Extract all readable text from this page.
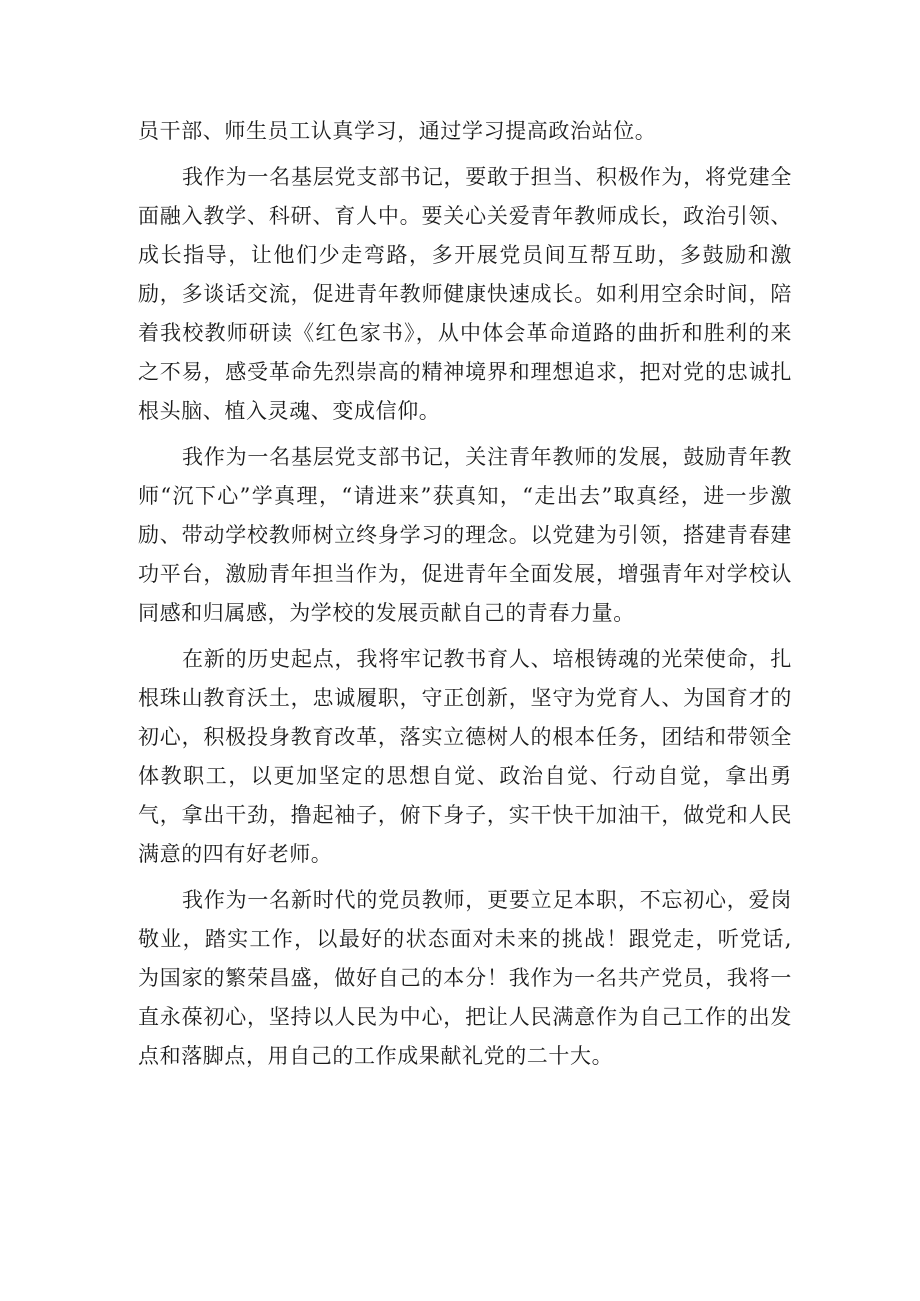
员干部、师生员工认真学习，通过学习提高政治站位。

我作为一名基层党支部书记，要敢于担当、积极作为，将党建全面融入教学、科研、育人中。要关心关爱青年教师成长，政治引领、成长指导，让他们少走弯路，多开展党员间互帮互助，多鼓励和激励，多谈话交流，促进青年教师健康快速成长。如利用空余时间，陪着我校教师研读《红色家书》，从中体会革命道路的曲折和胜利的来之不易，感受革命先烈崇高的精神境界和理想追求，把对党的忠诚扎根头脑、植入灵魂、变成信仰。

我作为一名基层党支部书记，关注青年教师的发展，鼓励青年教师“沉下心”学真理，“请进来”获真知，“走出去”取真经，进一步激励、带动学校教师树立终身学习的理念。以党建为引领，搭建青春建功平台，激励青年担当作为，促进青年全面发展，增强青年对学校认同感和归属感，为学校的发展贡献自己的青春力量。

在新的历史起点，我将牢记教书育人、培根铸魂的光荣使命，扎根珠山教育沃土，忠诚履职，守正创新，坚守为党育人、为国育才的初心，积极投身教育改革，落实立德树人的根本任务，团结和带领全体教职工，以更加坚定的思想自觉、政治自觉、行动自觉，拿出勇气，拿出干劲，撸起袖子，俯下身子，实干快干加油干，做党和人民满意的四有好老师。

我作为一名新时代的党员教师，更要立足本职，不忘初心，爱岗敬业，踏实工作，以最好的状态面对未来的挑战！跟党走，听党话,为国家的繁荣昌盛，做好自己的本分！我作为一名共产党员，我将一直永葆初心，坚持以人民为中心，把让人民满意作为自己工作的出发点和落脚点，用自己的工作成果献礼党的二十大。
